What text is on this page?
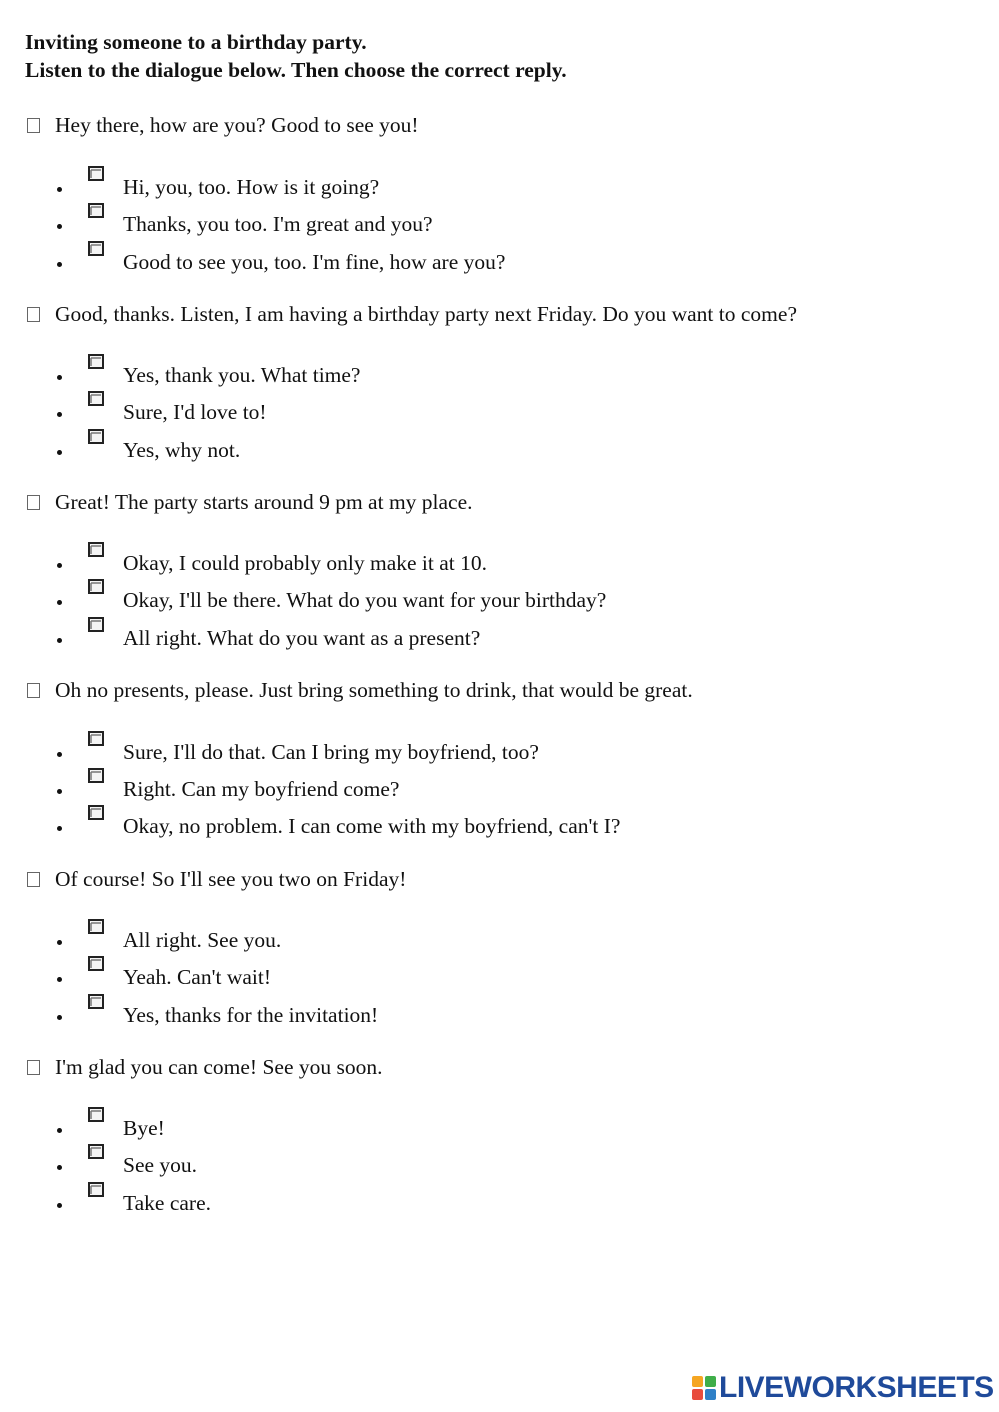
Inviting someone to a birthday party.
Listen to the dialogue below. Then choose the correct reply.
Hey there, how are you? Good to see you!
Hi, you, too. How is it going?
Thanks, you too. I'm great and you?
Good to see you, too. I'm fine, how are you?
Good, thanks. Listen, I am having a birthday party next Friday. Do you want to come?
Yes, thank you. What time?
Sure, I'd love to!
Yes, why not.
Great! The party starts around 9 pm at my place.
Okay, I could probably only make it at 10.
Okay, I'll be there. What do you want for your birthday?
All right. What do you want as a present?
Oh no presents, please. Just bring something to drink, that would be great.
Sure, I'll do that. Can I bring my boyfriend, too?
Right. Can my boyfriend come?
Okay, no problem. I can come with my boyfriend, can't I?
Of course! So I'll see you two on Friday!
All right. See you.
Yeah. Can't wait!
Yes, thanks for the invitation!
I'm glad you can come! See you soon.
Bye!
See you.
Take care.
LIVEWORKSHEETS
